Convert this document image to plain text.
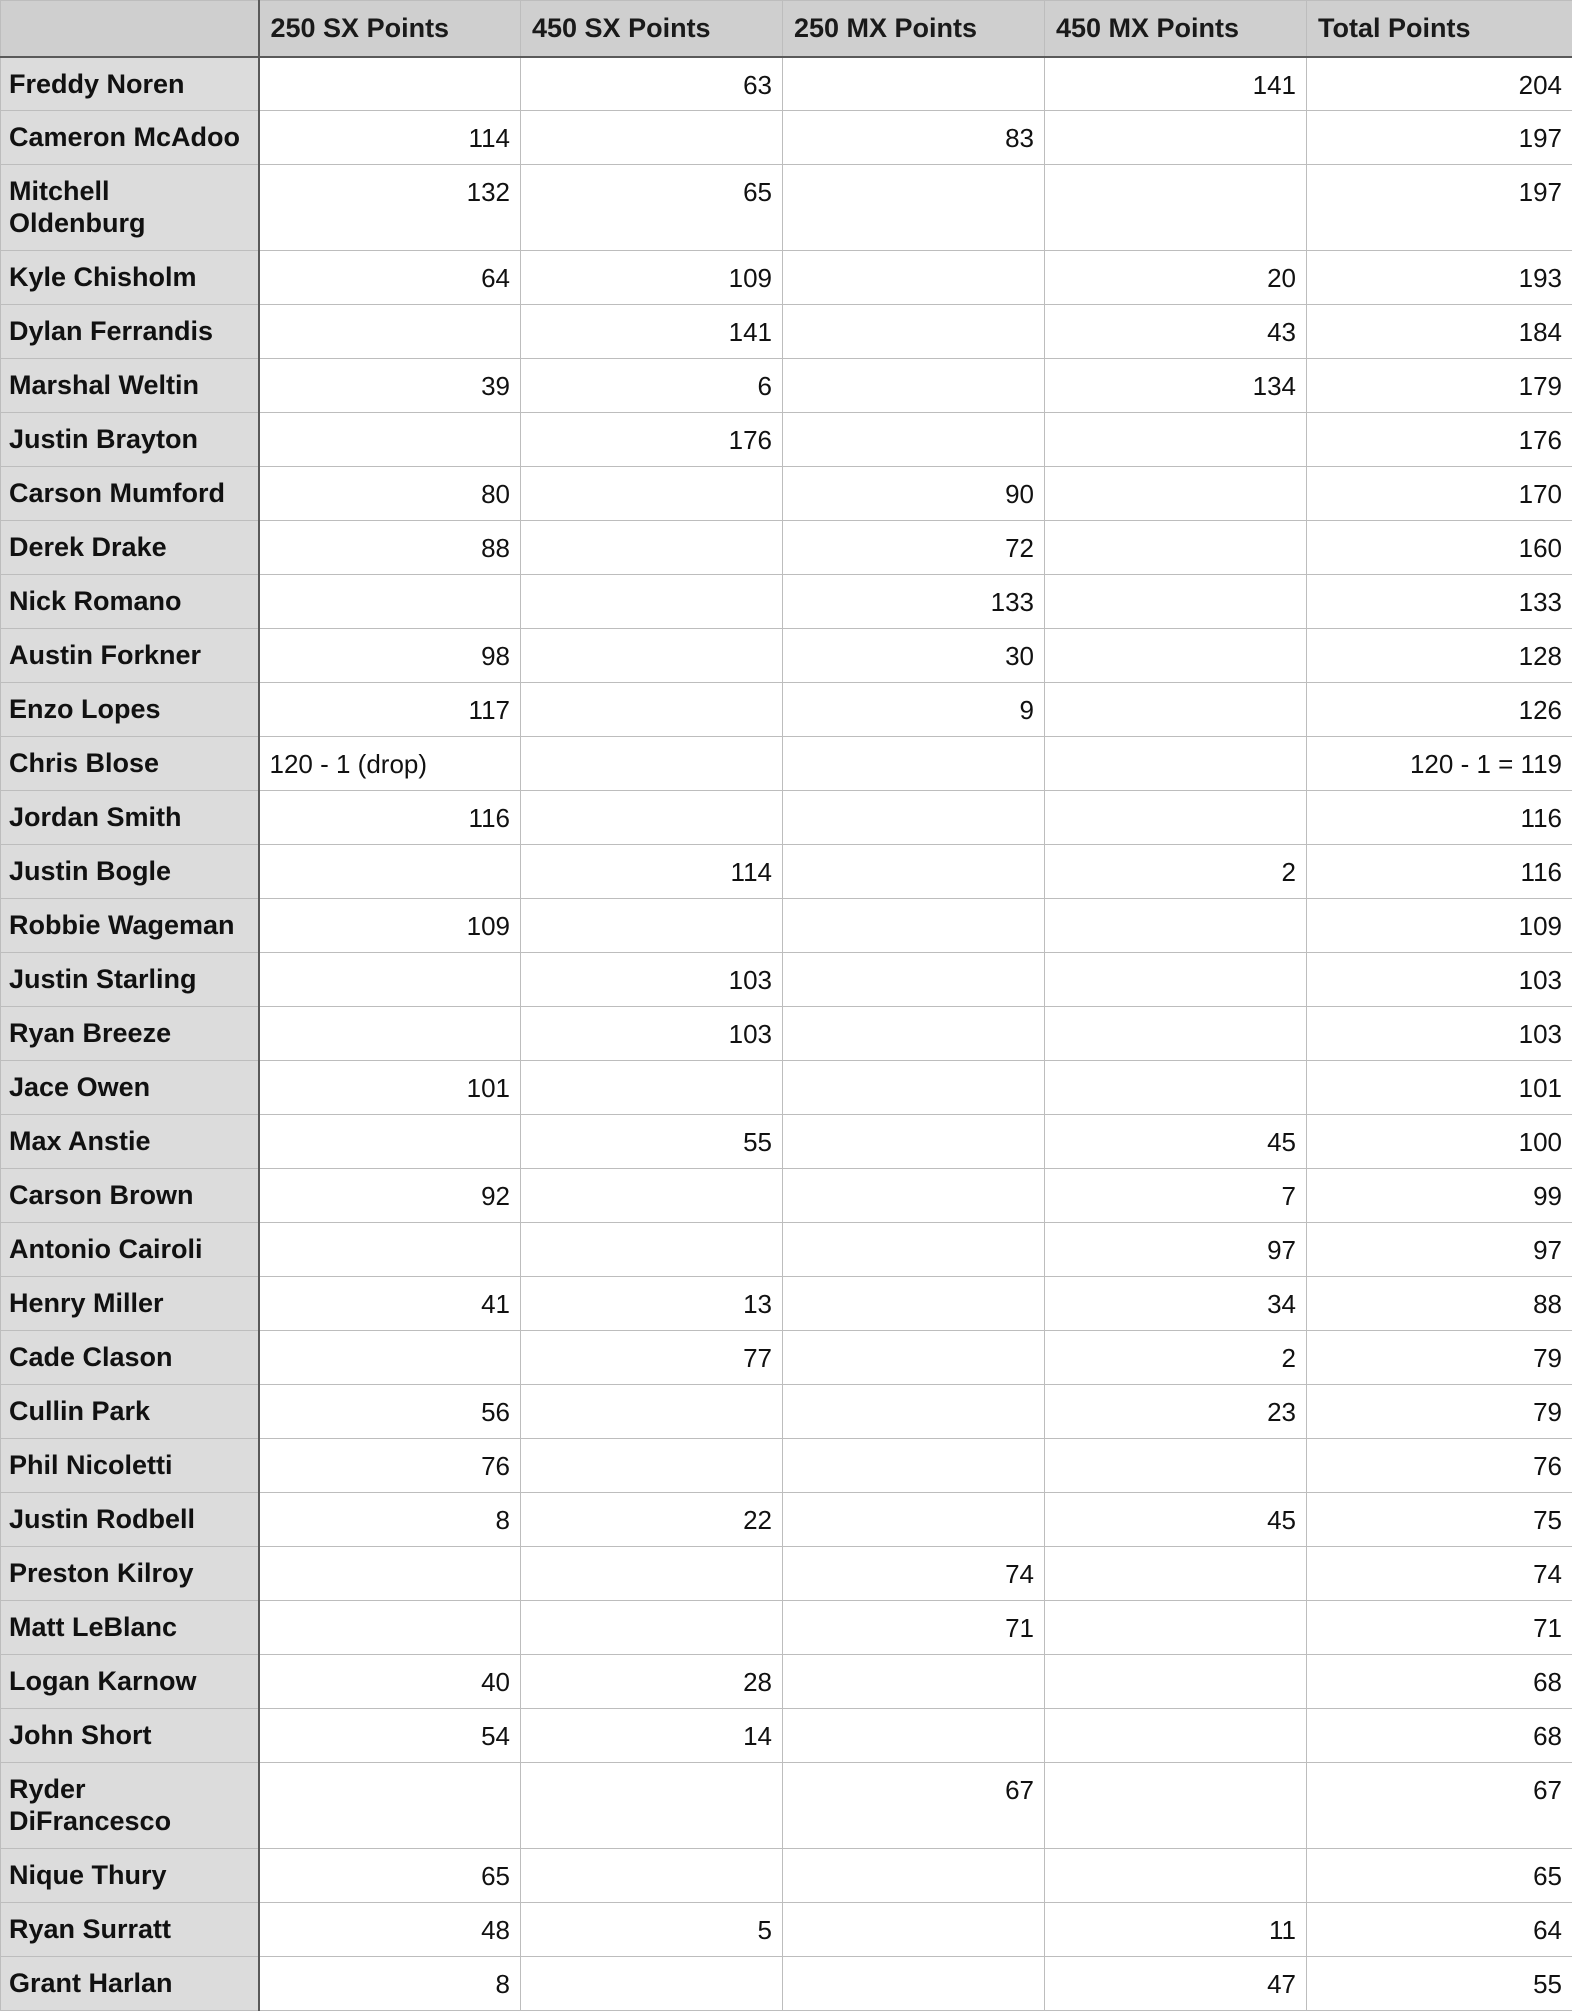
	250 SX Points	450 SX Points	250 MX Points	450 MX Points	Total Points
Freddy Noren		63		141	204
Cameron McAdoo	114		83		197
Mitchell Oldenburg	132	65			197
Kyle Chisholm	64	109		20	193
Dylan Ferrandis		141		43	184
Marshal Weltin	39	6		134	179
Justin Brayton		176			176
Carson Mumford	80		90		170
Derek Drake	88		72		160
Nick Romano			133		133
Austin Forkner	98		30		128
Enzo Lopes	117		9		126
Chris Blose	120 - 1 (drop)				120 - 1 = 119
Jordan Smith	116				116
Justin Bogle		114		2	116
Robbie Wageman	109				109
Justin Starling		103			103
Ryan Breeze		103			103
Jace Owen	101				101
Max Anstie		55		45	100
Carson Brown	92			7	99
Antonio Cairoli				97	97
Henry Miller	41	13		34	88
Cade Clason		77		2	79
Cullin Park	56			23	79
Phil Nicoletti	76				76
Justin Rodbell	8	22		45	75
Preston Kilroy			74		74
Matt LeBlanc			71		71
Logan Karnow	40	28			68
John Short	54	14			68
Ryder DiFrancesco			67		67
Nique Thury	65				65
Ryan Surratt	48	5		11	64
Grant Harlan	8			47	55
